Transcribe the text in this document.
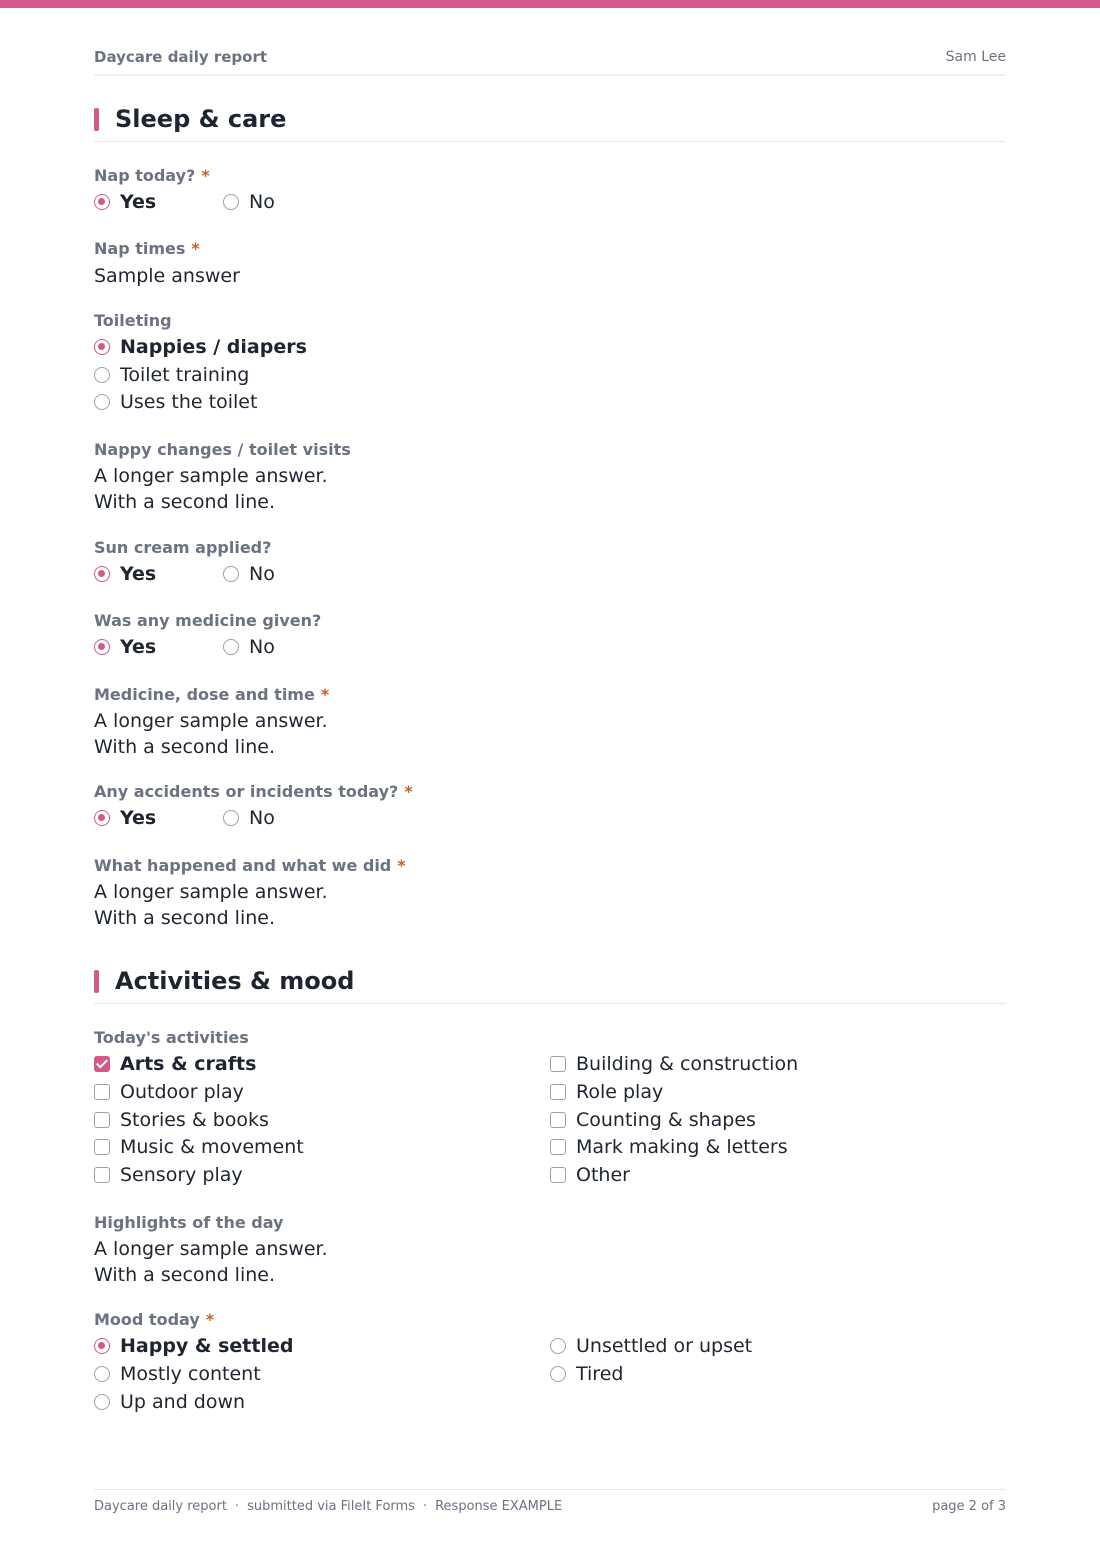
Daycare daily report	Sam Lee
Sleep & care
Nap today? *
Yes	No
Nap times *
Sample answer
Toileting
Nappies / diapers
Toilet training
Uses the toilet
Nappy changes / toilet visits
A longer sample answer.
With a second line.
Sun cream applied?
Yes	No
Was any medicine given?
Yes	No
Medicine, dose and time *
A longer sample answer.
With a second line.
Any accidents or incidents today? *
Yes	No
What happened and what we did *
A longer sample answer.
With a second line.
Activities & mood
Today's activities
Arts & crafts
Outdoor play
Stories & books
Music & movement
Sensory play
Building & construction
Role play
Counting & shapes
Mark making & letters
Other
Highlights of the day
A longer sample answer.
With a second line.
Mood today *
Happy & settled
Mostly content
Up and down
Unsettled or upset
Tired
Daycare daily report · submitted via FileIt Forms · Response EXAMPLE	page 2 of 3
